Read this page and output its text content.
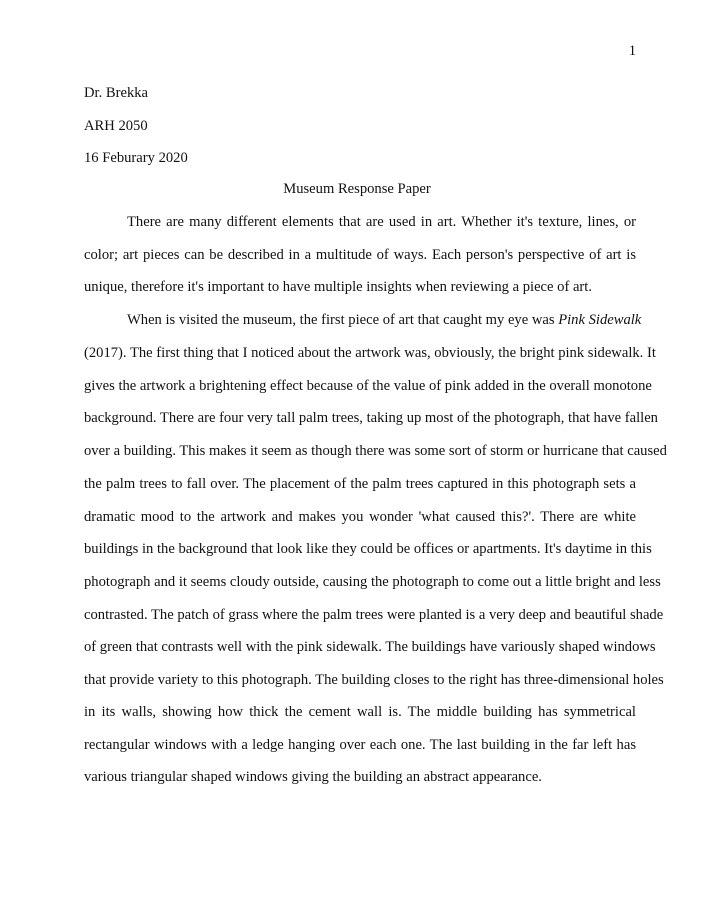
1
Dr. Brekka
ARH 2050
16 Feburary 2020
Museum Response Paper
There are many different elements that are used in art. Whether it's texture, lines, or
color; art pieces can be described in a multitude of ways. Each person's perspective of art is
unique, therefore it's important to have multiple insights when reviewing a piece of art.
When is visited the museum, the first piece of art that caught my eye was Pink Sidewalk
(2017). The first thing that I noticed about the artwork was, obviously, the bright pink sidewalk. It
gives the artwork a brightening effect because of the value of pink added in the overall monotone
background. There are four very tall palm trees, taking up most of the photograph, that have fallen
over a building. This makes it seem as though there was some sort of storm or hurricane that caused
the palm trees to fall over. The placement of the palm trees captured in this photograph sets a
dramatic mood to the artwork and makes you wonder 'what caused this?'. There are white
buildings in the background that look like they could be offices or apartments. It's daytime in this
photograph and it seems cloudy outside, causing the photograph to come out a little bright and less
contrasted. The patch of grass where the palm trees were planted is a very deep and beautiful shade
of green that contrasts well with the pink sidewalk. The buildings have variously shaped windows
that provide variety to this photograph. The building closes to the right has three-dimensional holes
in its walls, showing how thick the cement wall is. The middle building has symmetrical
rectangular windows with a ledge hanging over each one. The last building in the far left has
various triangular shaped windows giving the building an abstract appearance.
